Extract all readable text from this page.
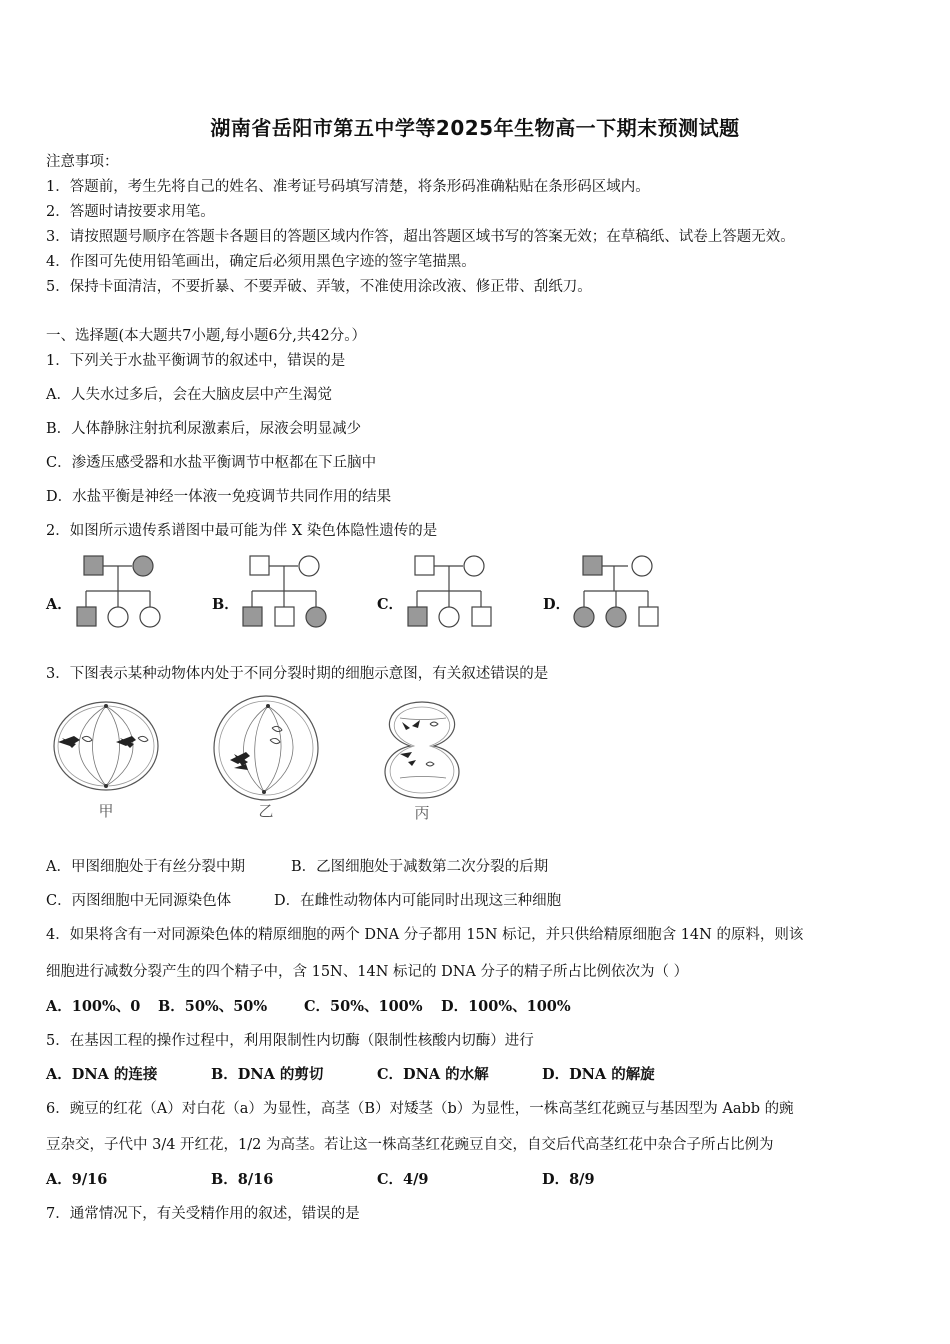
湖南省岳阳市第五中学等2025年生物高一下期末预测试题
注意事项：
1．答题前，考生先将自己的姓名、准考证号码填写清楚，将条形码准确粘贴在条形码区域内。
2．答题时请按要求用笔。
3．请按照题号顺序在答题卡各题目的答题区域内作答，超出答题区域书写的答案无效；在草稿纸、试卷上答题无效。
4．作图可先使用铅笔画出，确定后必须用黑色字迹的签字笔描黑。
5．保持卡面清洁，不要折暴、不要弄破、弄皱，不准使用涂改液、修正带、刮纸刀。
一、选择题(本大题共7小题,每小题6分,共42分。）
1．下列关于水盐平衡调节的叙述中，错误的是
A．人失水过多后，会在大脑皮层中产生渴觉
B．人体静脉注射抗利尿激素后，尿液会明显减少
C．渗透压感受器和水盐平衡调节中枢都在下丘脑中
D．水盐平衡是神经一体液一免疫调节共同作用的结果
2．如图所示遗传系谱图中最可能为伴 X 染色体隐性遗传的是
A．	B．	C．	D．
3．下图表示某种动物体内处于不同分裂时期的细胞示意图，有关叙述错误的是
甲	乙	丙
A．甲图细胞处于有丝分裂中期	B．乙图细胞处于减数第二次分裂的后期
C．丙图细胞中无同源染色体	D．在雌性动物体内可能同时出现这三种细胞
4．如果将含有一对同源染色体的精原细胞的两个 DNA 分子都用 15N 标记，并只供给精原细胞含 14N 的原料，则该
细胞进行减数分裂产生的四个精子中，含 15N、14N 标记的 DNA 分子的精子所占比例依次为（ ）
A．100%、0 B．50%、50%	C．50%、100% D．100%、100%
5．在基因工程的操作过程中，利用限制性内切酶（限制性核酸内切酶）进行
A．DNA 的连接	B．DNA 的剪切	C．DNA 的水解	D．DNA 的解旋
6．豌豆的红花（A）对白花（a）为显性，高茎（B）对矮茎（b）为显性，一株高茎红花豌豆与基因型为 Aabb 的豌
豆杂交，子代中 3/4 开红花，1/2 为高茎。若让这一株高茎红花豌豆自交，自交后代高茎红花中杂合子所占比例为
A．9/16	B．8/16	C．4/9	D．8/9
7．通常情况下，有关受精作用的叙述，错误的是
